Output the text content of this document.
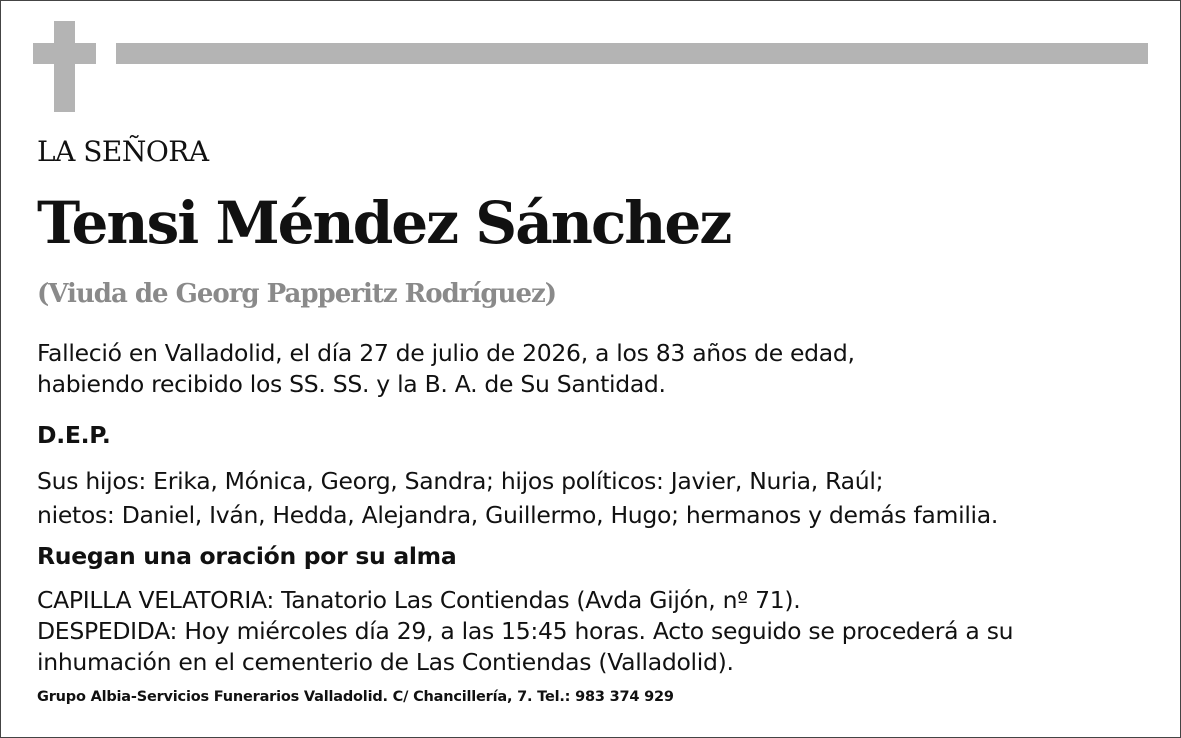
LA SEÑORA
Tensi Méndez Sánchez
(Viuda de Georg Papperitz Rodríguez)
Falleció en Valladolid, el día 27 de julio de 2026, a los 83 años de edad,
habiendo recibido los SS. SS. y la B. A. de Su Santidad.
D.E.P.
Sus hijos: Erika, Mónica, Georg, Sandra; hijos políticos: Javier, Nuria, Raúl;
nietos: Daniel, Iván, Hedda, Alejandra, Guillermo, Hugo; hermanos y demás familia.
Ruegan una oración por su alma
CAPILLA VELATORIA: Tanatorio Las Contiendas (Avda Gijón, nº 71).
DESPEDIDA: Hoy miércoles día 29, a las 15:45 horas. Acto seguido se procederá a su
inhumación en el cementerio de Las Contiendas (Valladolid).
Grupo Albia-Servicios Funerarios Valladolid. C/ Chancillería, 7. Tel.: 983 374 929
